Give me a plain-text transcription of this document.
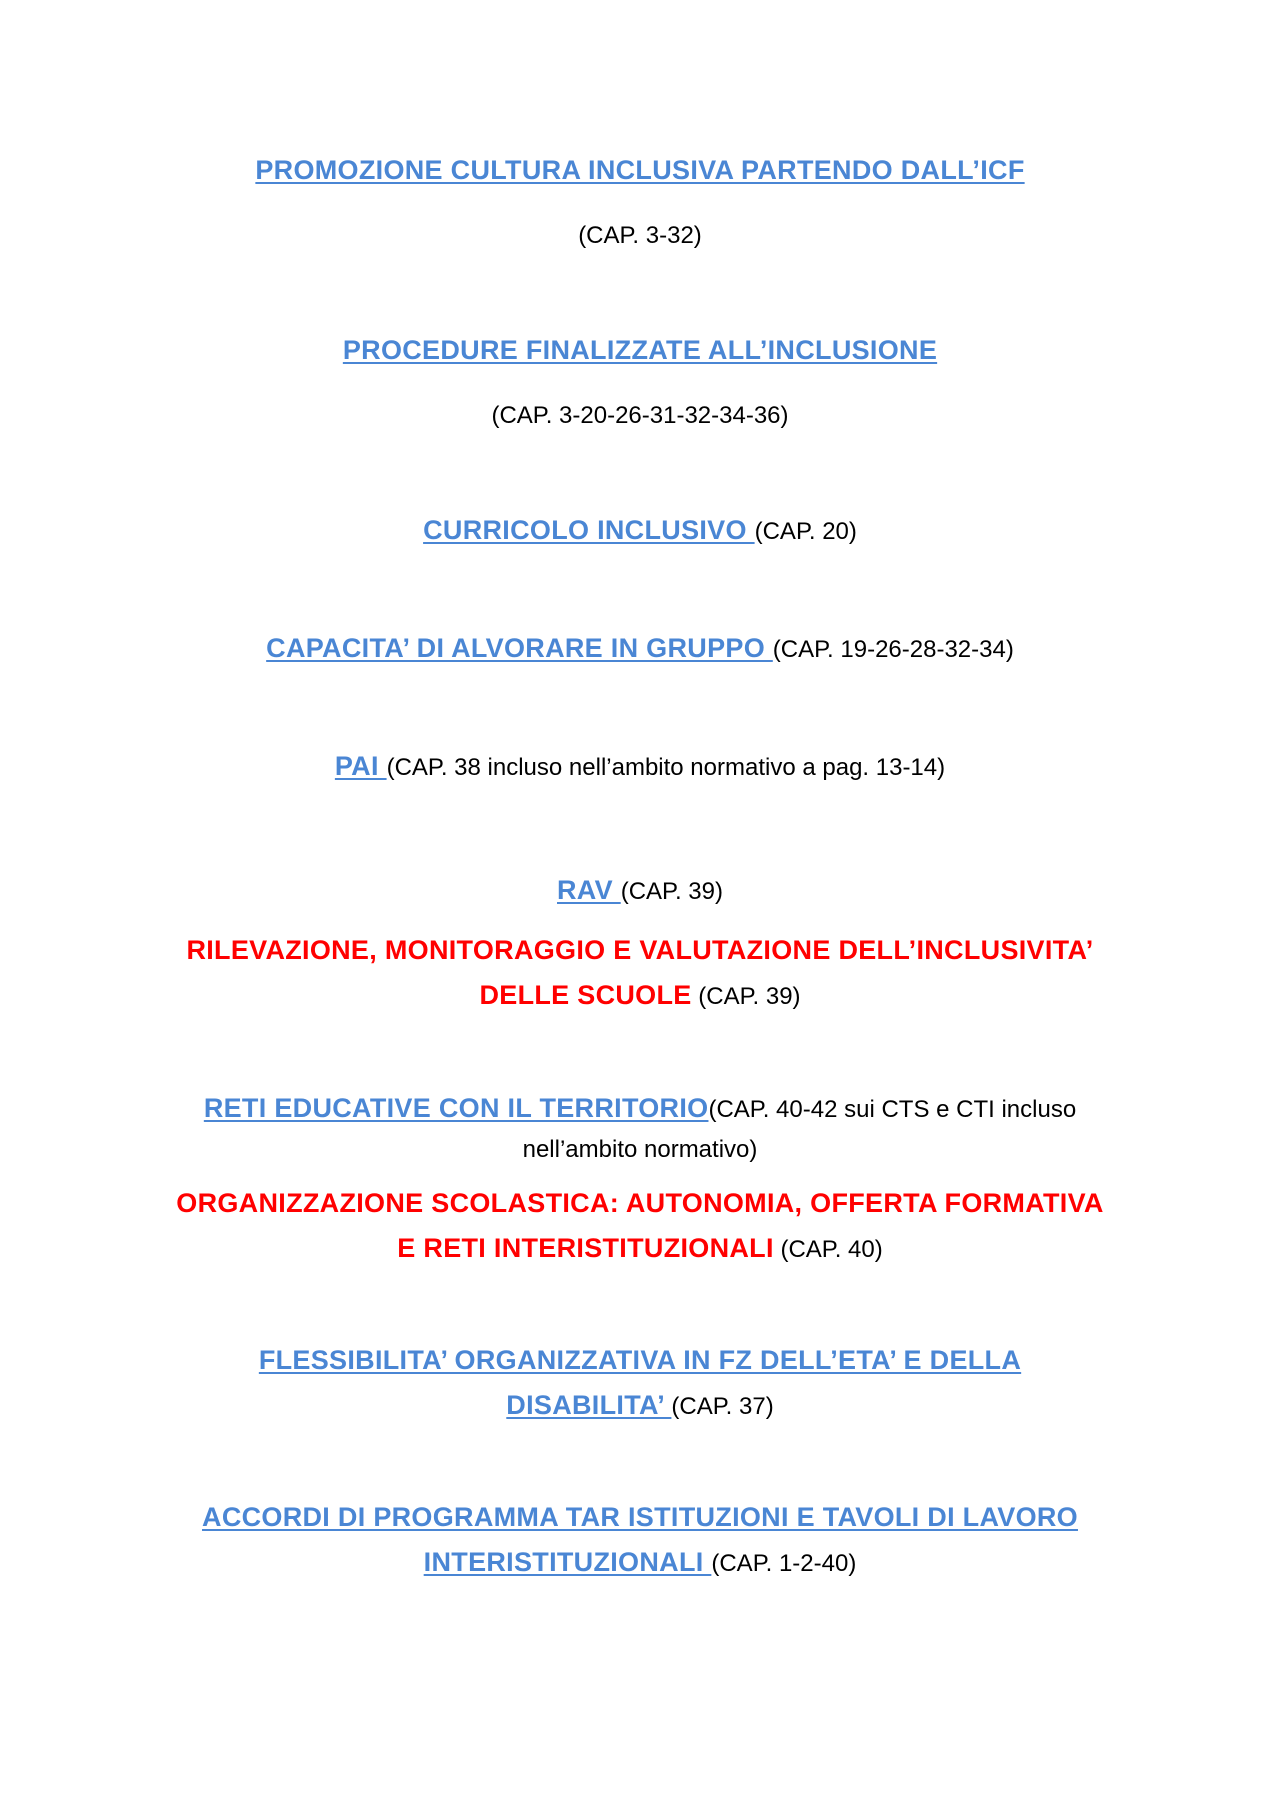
PROMOZIONE CULTURA INCLUSIVA PARTENDO DALL’ICF
(CAP. 3-32)
PROCEDURE FINALIZZATE ALL’INCLUSIONE
(CAP. 3-20-26-31-32-34-36)
CURRICOLO INCLUSIVO (CAP. 20)
CAPACITA’ DI ALVORARE IN GRUPPO (CAP. 19-26-28-32-34)
PAI (CAP. 38 incluso nell’ambito normativo a pag. 13-14)
RAV (CAP. 39)
RILEVAZIONE, MONITORAGGIO E VALUTAZIONE DELL’INCLUSIVITA’
DELLE SCUOLE (CAP. 39)
RETI EDUCATIVE CON IL TERRITORIO(CAP. 40-42 sui CTS e CTI incluso
nell’ambito normativo)
ORGANIZZAZIONE SCOLASTICA: AUTONOMIA, OFFERTA FORMATIVA
E RETI INTERISTITUZIONALI (CAP. 40)
FLESSIBILITA’ ORGANIZZATIVA IN FZ DELL’ETA’ E DELLA
DISABILITA’ (CAP. 37)
ACCORDI DI PROGRAMMA TAR ISTITUZIONI E TAVOLI DI LAVORO
INTERISTITUZIONALI (CAP. 1-2-40)
